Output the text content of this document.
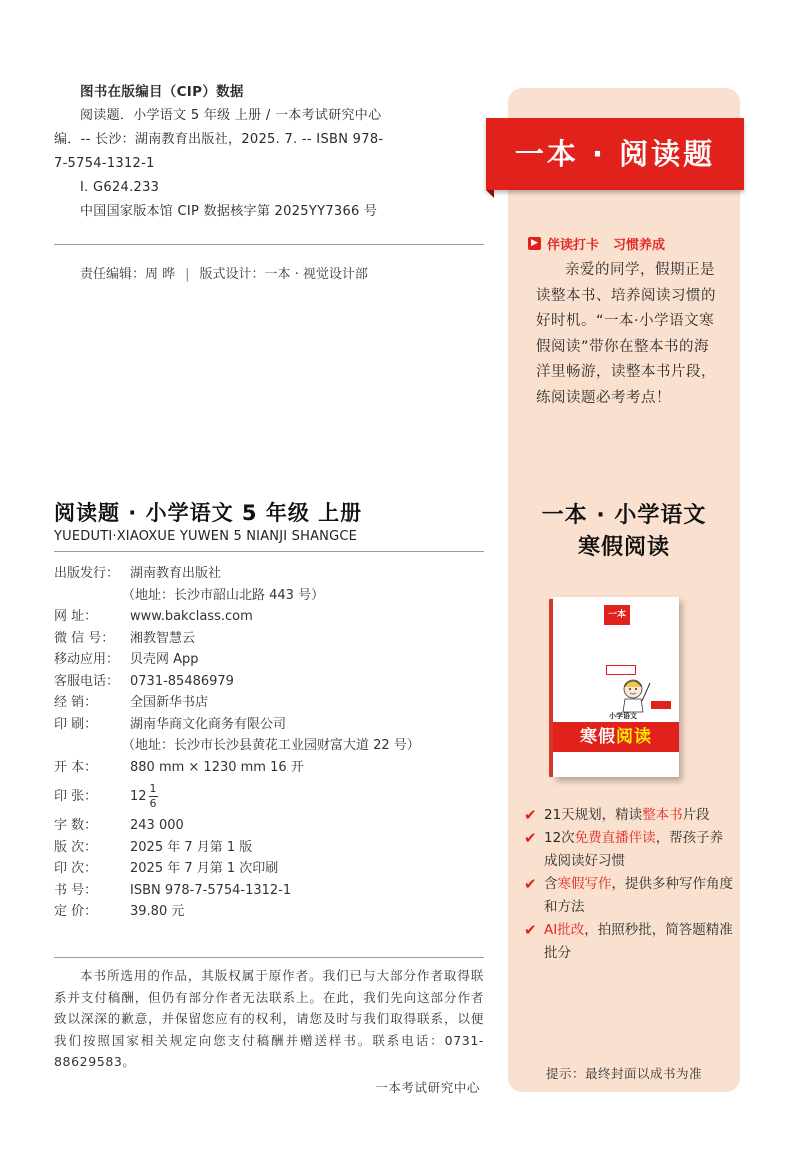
图书在版编目（CIP）数据
阅读题．小学语文 5 年级 上册 / 一本考试研究中心
编．-- 长沙：湖南教育出版社，2025. 7. -- ISBN 978-
7-5754-1312-1
Ⅰ. G624.233
中国国家版本馆 CIP 数据核字第 2025YY7366 号
责任编辑：周 晔 | 版式设计：一本 · 视觉设计部
阅读题 · 小学语文 5 年级 上册
YUEDUTI·XIAOXUE YUWEN 5 NIANJI SHANGCE
出版发行： 湖南教育出版社
（地址：长沙市韶山北路 443 号）
网 址：	www.bakclass.com
微 信 号： 湘教智慧云
移动应用： 贝壳网 App
客服电话： 0731-85486979
经 销：	全国新华书店
印 刷：	湖南华商文化商务有限公司
（地址：长沙市长沙县黄花工业园财富大道 22 号）
开 本：	880 mm × 1230 mm 16 开
印 张：	$12 \frac{1}{6}$
字 数：	243 000
版 次：	2025 年 7 月第 1 版
印 次：	2025 年 7 月第 1 次印刷
书 号：	ISBN 978-7-5754-1312-1
定 价：	39.80 元
本书所选用的作品，其版权属于原作者。我们已与大部分作者取得联系并支付稿酬，但仍有部分作者无法联系上。在此，我们先向这部分作者致以深深的歉意，并保留您应有的权利，请您及时与我们取得联系，以便我们按照国家相关规定向您支付稿酬并赠送样书。联系电话：0731-88629583。
一本考试研究中心
一本 · 阅读题
▶ 伴读打卡 习惯养成
亲爱的同学，假期正是读整本书、培养阅读习惯的好时机。“一本·小学语文寒假阅读”带你在整本书的海洋里畅游，读整本书片段，练阅读题必考考点！
一本 · 小学语文
寒假阅读
一本
小学语文
寒假阅读
✔ 21天规划，精读整本书片段
✔ 12次免费直播伴读，帮孩子养成阅读好习惯
✔ 含寒假写作，提供多种写作角度和方法
✔ AI批改，拍照秒批，简答题精准批分
提示：最终封面以成书为准
